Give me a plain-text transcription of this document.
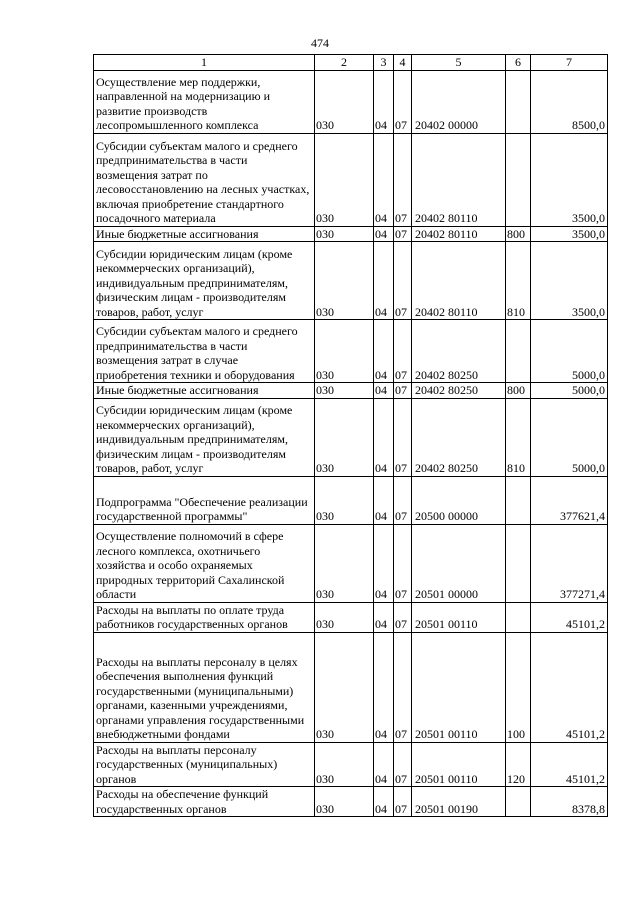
474
1	2	3	4	5	6	7
Осуществление мер поддержки, направленной на модернизацию и развитие производств лесопромышленного комплекса	030	04	07	20402 00000		8500,0
Субсидии субъектам малого и среднего предпринимательства в части возмещения затрат по лесовосстановлению на лесных участках, включая приобретение стандартного посадочного материала	030	04	07	20402 80110		3500,0
Иные бюджетные ассигнования	030	04	07	20402 80110	800	3500,0
Субсидии юридическим лицам (кроме некоммерческих организаций), индивидуальным предпринимателям, физическим лицам - производителям товаров, работ, услуг	030	04	07	20402 80110	810	3500,0
Субсидии субъектам малого и среднего предпринимательства в части возмещения затрат в случае приобретения техники и оборудования	030	04	07	20402 80250		5000,0
Иные бюджетные ассигнования	030	04	07	20402 80250	800	5000,0
Субсидии юридическим лицам (кроме некоммерческих организаций), индивидуальным предпринимателям, физическим лицам - производителям товаров, работ, услуг	030	04	07	20402 80250	810	5000,0
Подпрограмма "Обеспечение реализации государственной программы"	030	04	07	20500 00000		377621,4
Осуществление полномочий в сфере лесного комплекса, охотничьего хозяйства и особо охраняемых природных территорий Сахалинской области	030	04	07	20501 00000		377271,4
Расходы на выплаты по оплате труда работников государственных органов	030	04	07	20501 00110		45101,2
Расходы на выплаты персоналу в целях обеспечения выполнения функций государственными (муниципальными) органами, казенными учреждениями, органами управления государственными внебюджетными фондами	030	04	07	20501 00110	100	45101,2
Расходы на выплаты персоналу государственных (муниципальных) органов	030	04	07	20501 00110	120	45101,2
Расходы на обеспечение функций государственных органов	030	04	07	20501 00190		8378,8
